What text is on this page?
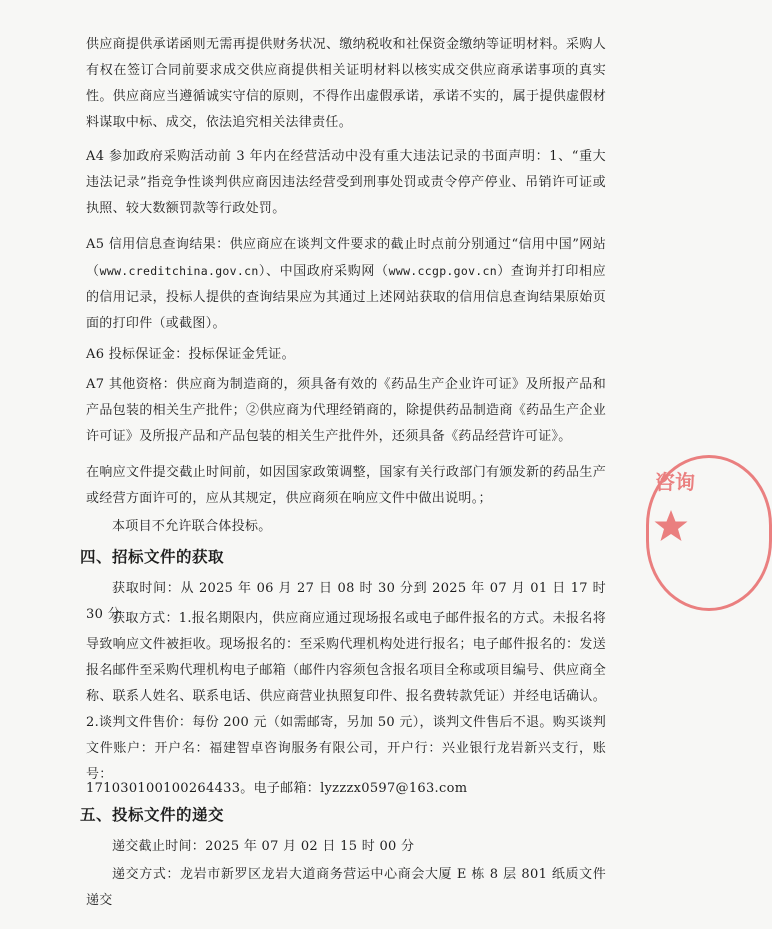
供应商提供承诺函则无需再提供财务状况、缴纳税收和社保资金缴纳等证明材料。采购人有权在签订合同前要求成交供应商提供相关证明材料以核实成交供应商承诺事项的真实性。供应商应当遵循诚实守信的原则，不得作出虚假承诺，承诺不实的，属于提供虚假材料谋取中标、成交，依法追究相关法律责任。
A4 参加政府采购活动前 3 年内在经营活动中没有重大违法记录的书面声明：1、“重大违法记录”指竞争性谈判供应商因违法经营受到刑事处罚或责令停产停业、吊销许可证或执照、较大数额罚款等行政处罚。
A5 信用信息查询结果：供应商应在谈判文件要求的截止时点前分别通过“信用中国”网站（www.creditchina.gov.cn）、中国政府采购网（www.ccgp.gov.cn）查询并打印相应的信用记录，投标人提供的查询结果应为其通过上述网站获取的信用信息查询结果原始页面的打印件（或截图）。
A6 投标保证金：投标保证金凭证。
A7 其他资格：供应商为制造商的，须具备有效的《药品生产企业许可证》及所报产品和产品包装的相关生产批件；②供应商为代理经销商的，除提供药品制造商《药品生产企业许可证》及所报产品和产品包装的相关生产批件外，还须具备《药品经营许可证》。
在响应文件提交截止时间前，如因国家政策调整，国家有关行政部门有颁发新的药品生产或经营方面许可的，应从其规定，供应商须在响应文件中做出说明。；
本项目不允许联合体投标。
四、招标文件的获取
获取时间：从 2025 年 06 月 27 日 08 时 30 分到 2025 年 07 月 01 日 17 时 30 分
获取方式：1.报名期限内，供应商应通过现场报名或电子邮件报名的方式。未报名将导致响应文件被拒收。现场报名的：至采购代理机构处进行报名；电子邮件报名的：发送报名邮件至采购代理机构电子邮箱（邮件内容须包含报名项目全称或项目编号、供应商全称、联系人姓名、联系电话、供应商营业执照复印件、报名费转款凭证）并经电话确认。2.谈判文件售价：每份 200 元（如需邮寄，另加 50 元），谈判文件售后不退。购买谈判文件账户：开户名：福建智卓咨询服务有限公司，开户行：兴业银行龙岩新兴支行，账　号：
171030100100264433。电子邮箱：lyzzzx0597@163.com
五、投标文件的递交
递交截止时间：2025 年 07 月 02 日 15 时 00 分
递交方式：龙岩市新罗区龙岩大道商务营运中心商会大厦 E 栋 8 层 801 纸质文件递交
咨询
